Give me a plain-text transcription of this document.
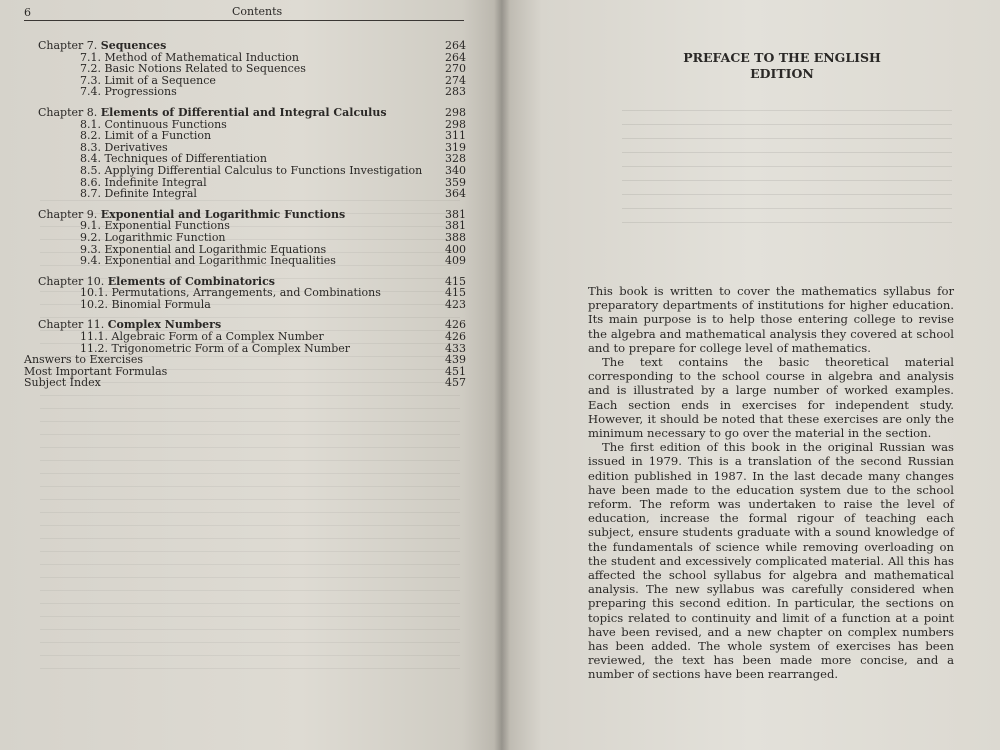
6	Contents
Chapter 7. Sequences	264
7.1. Method of Mathematical Induction	264
7.2. Basic Notions Related to Sequences	270
7.3. Limit of a Sequence	274
7.4. Progressions	283
Chapter 8. Elements of Differential and Integral Calculus	298
8.1. Continuous Functions	298
8.2. Limit of a Function	311
8.3. Derivatives	319
8.4. Techniques of Differentiation	328
8.5. Applying Differential Calculus to Functions Investigation 340
8.6. Indefinite Integral	359
8.7. Definite Integral	364
Chapter 9. Exponential and Logarithmic Functions	381
9.1. Exponential Functions	381
9.2. Logarithmic Function	388
9.3. Exponential and Logarithmic Equations	400
9.4. Exponential and Logarithmic Inequalities	409
Chapter 10. Elements of Combinatorics	415
10.1. Permutations, Arrangements, and Combinations	415
10.2. Binomial Formula	423
Chapter 11. Complex Numbers	426
11.1. Algebraic Form of a Complex Number	426
11.2. Trigonometric Form of a Complex Number	433
Answers to Exercises	439
Most Important Formulas	451
Subject Index	457
PREFACE TO THE ENGLISH
EDITION

This book is written to cover the mathematics syllabus for preparatory departments of institutions for higher education. Its main purpose is to help those entering college to revise the algebra and mathematical analysis they covered at school and to prepare for college level of mathematics.

The text contains the basic theoretical material corresponding to the school course in algebra and analysis and is illustrated by a large number of worked examples. Each section ends in exercises for independent study. However, it should be noted that these exercises are only the minimum necessary to go over the material in the section.

The first edition of this book in the original Russian was issued in 1979. This is a translation of the second Russian edition published in 1987. In the last decade many changes have been made to the education system due to the school reform. The reform was undertaken to raise the level of education, increase the formal rigour of teaching each subject, ensure students graduate with a sound knowledge of the fundamentals of science while removing overloading on the student and excessively complicated material. All this has affected the school syllabus for algebra and mathematical analysis. The new syllabus was carefully considered when preparing this second edition. In particular, the sections on topics related to continuity and limit of a function at a point have been revised, and a new chapter on complex numbers has been added. The whole system of exercises has been reviewed, the text has been made more concise, and a number of sections have been rearranged.
